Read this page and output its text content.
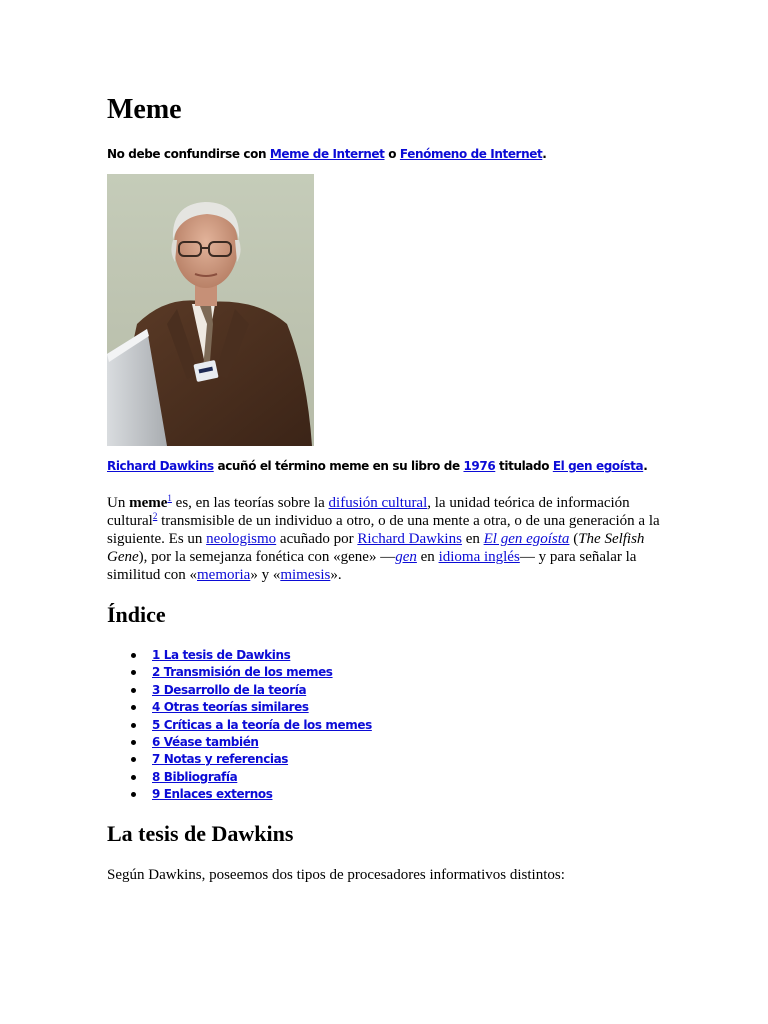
Meme
No debe confundirse con Meme de Internet o Fenómeno de Internet.
Richard Dawkins acuñó el término meme en su libro de 1976 titulado El gen egoísta.

Un meme$^1$ es, en las teorías sobre la difusión cultural, la unidad teórica de información cultural$^2$ transmisible de un individuo a otro, o de una mente a otra, o de una generación a la siguiente. Es un neologismo acuñado por Richard Dawkins en El gen egoísta (The Selfish Gene), por la semejanza fonética con «gene» —gen en idioma inglés— y para señalar la similitud con «memoria» y «mimesis».

Índice
1 La tesis de Dawkins
2 Transmisión de los memes
3 Desarrollo de la teoría
4 Otras teorías similares
5 Críticas a la teoría de los memes
6 Véase también
7 Notas y referencias
8 Bibliografía
9 Enlaces externos
La tesis de Dawkins

Según Dawkins, poseemos dos tipos de procesadores informativos distintos:
